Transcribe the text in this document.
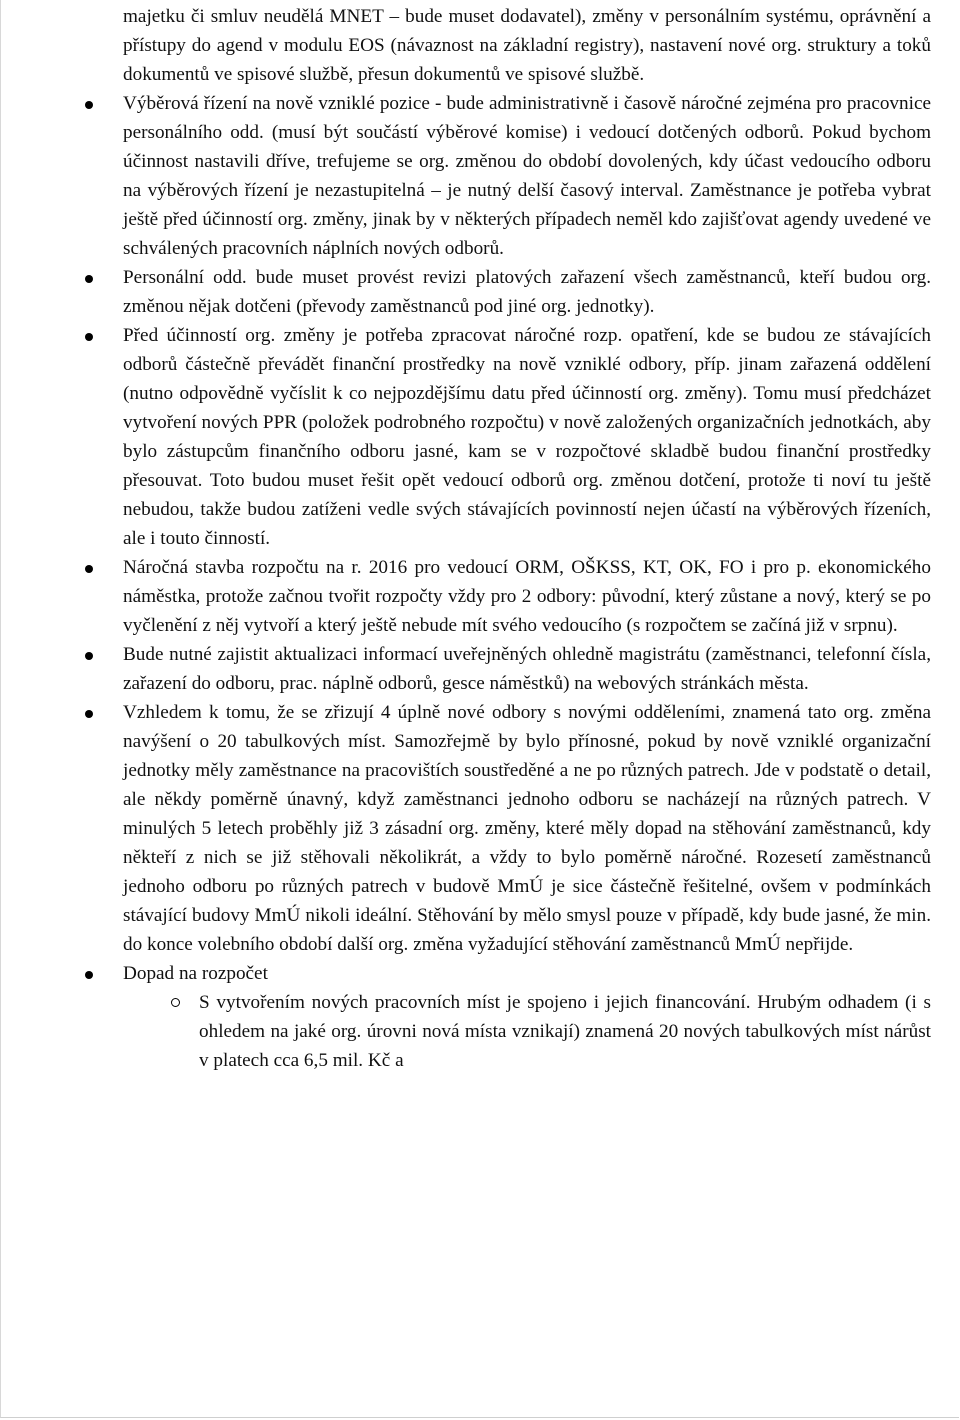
majetku či smluv neudělá MNET – bude muset dodavatel), změny v personálním systému, oprávnění a přístupy do agend v modulu EOS (návaznost na základní registry), nastavení nové org. struktury a toků dokumentů ve spisové službě, přesun dokumentů ve spisové službě.

Výběrová řízení na nově vzniklé pozice - bude administrativně i časově náročné zejména pro pracovnice personálního odd. (musí být součástí výběrové komise) i vedoucí dotčených odborů. Pokud bychom účinnost nastavili dříve, trefujeme se org. změnou do období dovolených, kdy účast vedoucího odboru na výběrových řízení je nezastupitelná – je nutný delší časový interval. Zaměstnance je potřeba vybrat ještě před účinností org. změny, jinak by v některých případech neměl kdo zajišťovat agendy uvedené ve schválených pracovních náplních nových odborů.

Personální odd. bude muset provést revizi platových zařazení všech zaměstnanců, kteří budou org. změnou nějak dotčeni (převody zaměstnanců pod jiné org. jednotky).

Před účinností org. změny je potřeba zpracovat náročné rozp. opatření, kde se budou ze stávajících odborů částečně převádět finanční prostředky na nově vzniklé odbory, příp. jinam zařazená oddělení (nutno odpovědně vyčíslit k co nejpozdějšímu datu před účinností org. změny). Tomu musí předcházet vytvoření nových PPR (položek podrobného rozpočtu) v nově založených organizačních jednotkách, aby bylo zástupcům finančního odboru jasné, kam se v rozpočtové skladbě budou finanční prostředky přesouvat. Toto budou muset řešit opět vedoucí odborů org. změnou dotčení, protože ti noví tu ještě nebudou, takže budou zatíženi vedle svých stávajících povinností nejen účastí na výběrových řízeních, ale i touto činností.

Náročná stavba rozpočtu na r. 2016 pro vedoucí ORM, OŠKSS, KT, OK, FO i pro p. ekonomického náměstka, protože začnou tvořit rozpočty vždy pro 2 odbory: původní, který zůstane a nový, který se po vyčlenění z něj vytvoří a který ještě nebude mít svého vedoucího (s rozpočtem se začíná již v srpnu).

Bude nutné zajistit aktualizaci informací uveřejněných ohledně magistrátu (zaměstnanci, telefonní čísla, zařazení do odboru, prac. náplně odborů, gesce náměstků) na webových stránkách města.

Vzhledem k tomu, že se zřizují 4 úplně nové odbory s novými odděleními, znamená tato org. změna navýšení o 20 tabulkových míst. Samozřejmě by bylo přínosné, pokud by nově vzniklé organizační jednotky měly zaměstnance na pracovištích soustředěné a ne po různých patrech. Jde v podstatě o detail, ale někdy poměrně únavný, když zaměstnanci jednoho odboru se nacházejí na různých patrech. V minulých 5 letech proběhly již 3 zásadní org. změny, které měly dopad na stěhování zaměstnanců, kdy někteří z nich se již stěhovali několikrát, a vždy to bylo poměrně náročné. Rozesetí zaměstnanců jednoho odboru po různých patrech v budově MmÚ je sice částečně řešitelné, ovšem v podmínkách stávající budovy MmÚ nikoli ideální. Stěhování by mělo smysl pouze v případě, kdy bude jasné, že min. do konce volebního období další org. změna vyžadující stěhování zaměstnanců MmÚ nepřijde.

Dopad na rozpočet

S vytvořením nových pracovních míst je spojeno i jejich financování. Hrubým odhadem (i s ohledem na jaké org. úrovni nová místa vznikají) znamená 20 nových tabulkových míst nárůst v platech cca 6,5 mil. Kč a
